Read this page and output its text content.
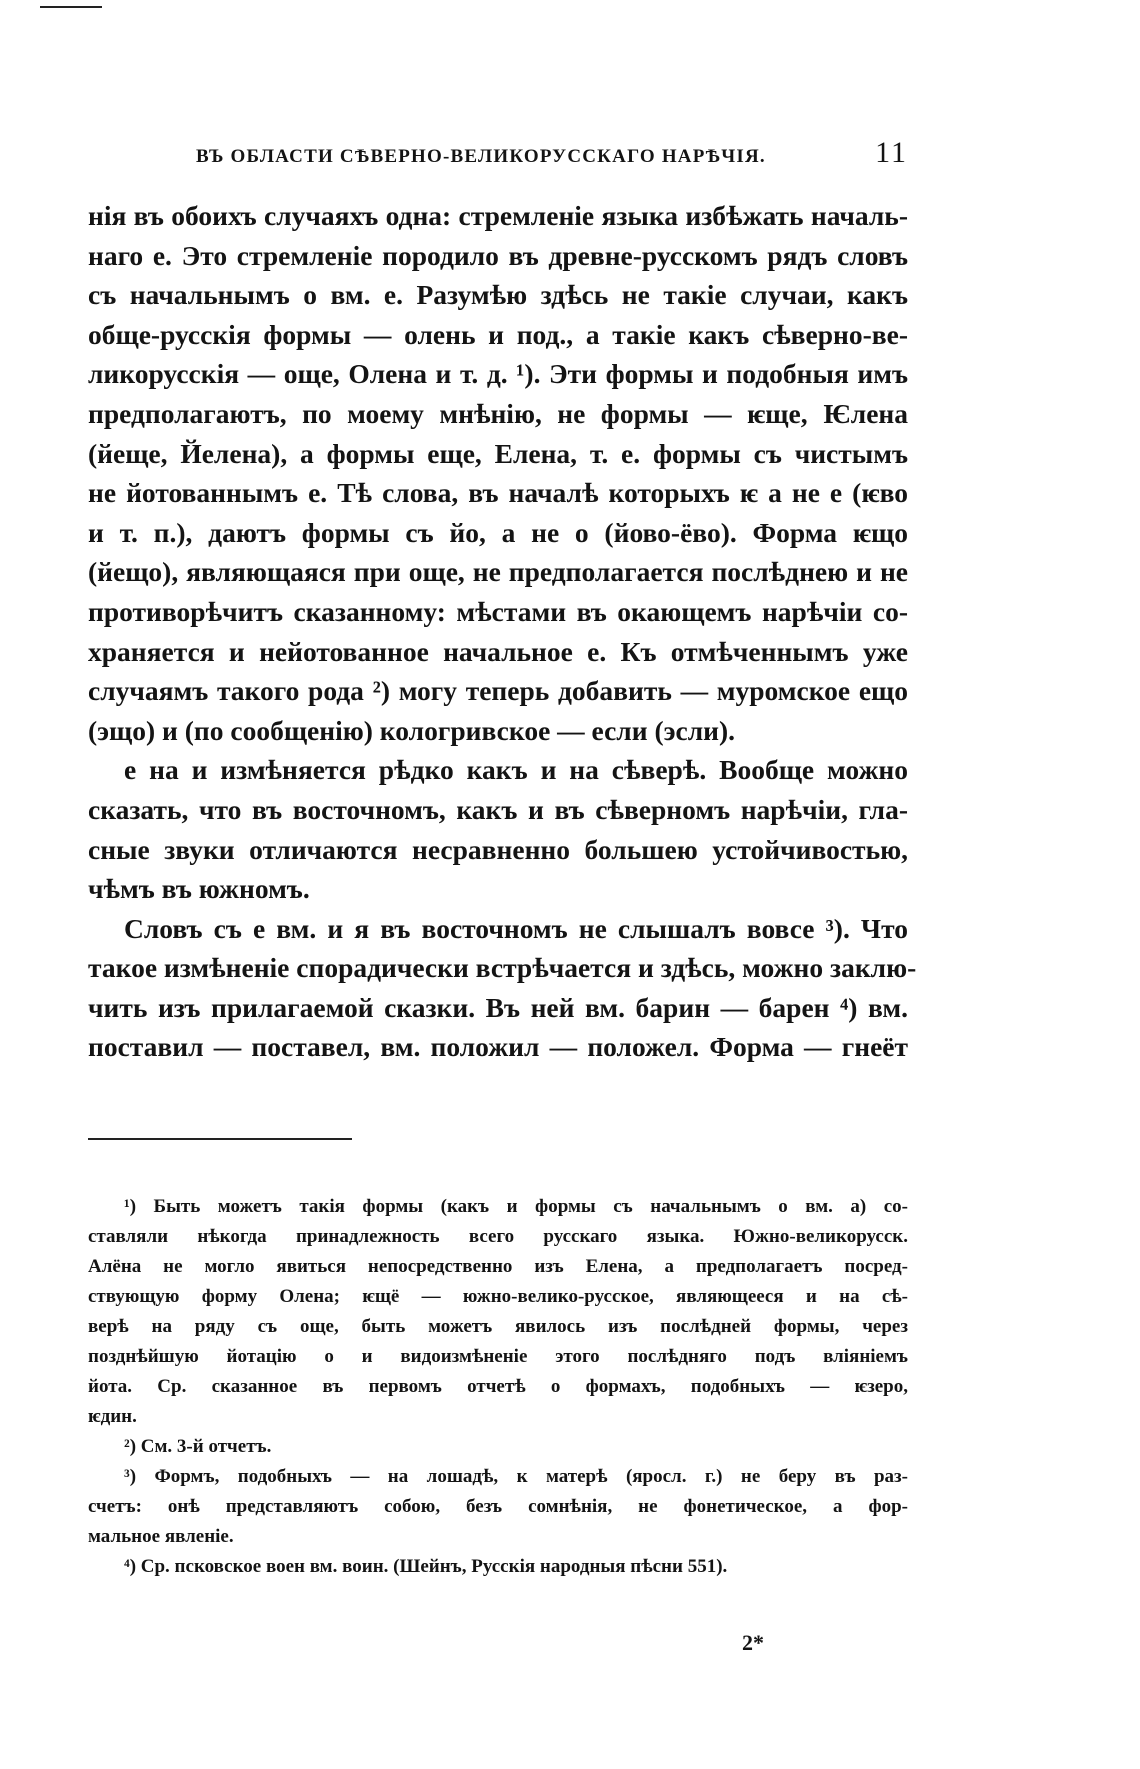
ВЪ ОБЛАСТИ СѢВЕРНО-ВЕЛИКОРУССКАГО НАРѢЧІЯ.	11
нія въ обоихъ случаяхъ одна: стремленіе языка избѣжать началь-
наго е. Это стремленіе породило въ древне-русскомъ рядъ словъ
съ начальнымъ о вм. е. Разумѣю здѣсь не такіе случаи, какъ
обще-русскія формы — олень и под., а такіе какъ сѣверно-ве-
ликорусскія — още, Олена и т. д. ¹). Эти формы и подобныя имъ
предполагаютъ, по моему мнѣнію, не формы — ѥще, Ѥлена
(йеще, Йелена), а формы еще, Елена, т. е. формы съ чистымъ
не йотованнымъ е. Тѣ слова, въ началѣ которыхъ ѥ а не е (ѥво
и т. п.), даютъ формы съ йо, а не о (йово-ёво). Форма ѥщо
(йещо), являющаяся при още, не предполагается послѣднею и не
противорѣчитъ сказанному: мѣстами въ окающемъ нарѣчіи со-
храняется и нейотованное начальное е. Къ отмѣченнымъ уже
случаямъ такого рода ²) могу теперь добавить — муромское ещо
(эщо) и (по сообщенію) кологривское — если (эсли).
е на и измѣняется рѣдко какъ и на сѣверѣ. Вообще можно
сказать, что въ восточномъ, какъ и въ сѣверномъ нарѣчіи, гла-
сные звуки отличаются несравненно большею устойчивостью,
чѣмъ въ южномъ.
Словъ съ е вм. и я въ восточномъ не слышалъ вовсе ³). Что
такое измѣненіе спорадически встрѣчается и здѣсь, можно заклю-
чить изъ прилагаемой сказки. Въ ней вм. барин — барен ⁴) вм.
поставил — поставел, вм. положил — положел. Форма — гнеёт
¹) Быть можетъ такія формы (какъ и формы съ начальнымъ о вм. а) со-
ставляли нѣкогда принадлежность всего русскаго языка. Южно-великорусск.
Алёна не могло явиться непосредственно изъ Елена, а предполагаетъ посред-
ствующую форму Олена; ѥщё — южно-велико-русское, являющееся и на сѣ-
верѣ на ряду съ още, быть можетъ явилось изъ послѣдней формы, через
позднѣйшую йотацію о и видоизмѣненіе этого послѣдняго подъ вліяніемъ
йота. Ср. сказанное въ первомъ отчетѣ о формахъ, подобныхъ — ѥзеро,
ѥдин.
²) См. 3-й отчетъ.
³) Формъ, подобныхъ — на лошадѣ, к матерѣ (яросл. г.) не беру въ раз-
счетъ: онѣ представляютъ собою, безъ сомнѣнія, не фонетическое, а фор-
мальное явленіе.
⁴) Ср. псковское воен вм. воин. (Шейнъ, Русскія народныя пѣсни 551).
2*
